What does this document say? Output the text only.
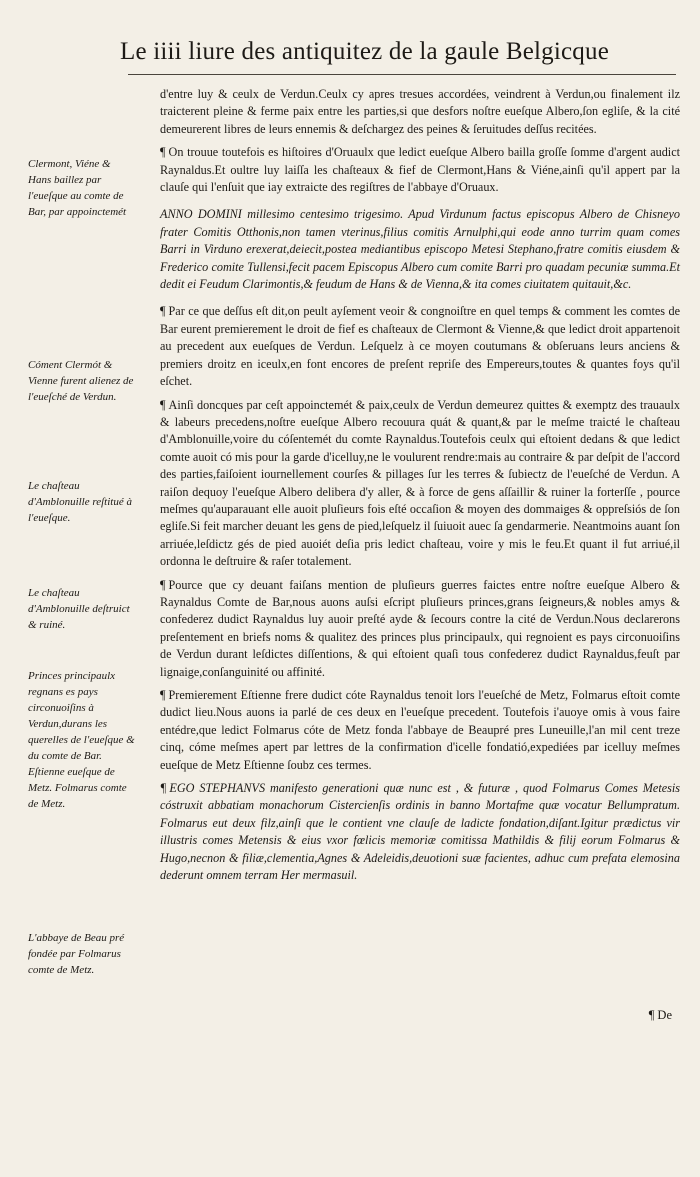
Le iiii liure des antiquitez de la gaule Belgicque

d'entre luy & ceulx de Verdun.Ceulx cy apres tresues accordées, veindrent à Verdun,ou finalement ilz traicterent pleine & ferme paix entre les parties,si que desfors noſtre eueſque Albero,ſon egliſe, & la cité demeurerent libres de leurs ennemis & deſchargez des peines & ſeruitudes deſſus recitées.

¶ On trouue toutefois es hiſtoires d'Oruaulx que ledict eueſque Albero bailla groſſe ſomme d'argent audict Raynaldus.Et oultre luy laiſſa les chaſteaux & fief de Clermont,Hans & Viéne,ainſi qu'il appert par la clauſe qui l'enſuit que iay extraicte des regiſtres de l'abbaye d'Oruaux.

ANNO DOMINI millesimo centesimo trigesimo. Apud Virdunum factus episcopus Albero de Chisneyo frater Comitis Otthonis,non tamen vterinus,filius comitis Arnulphi,qui eode anno turrim quam comes Barri in Virduno erexerat,deiecit,postea mediantibus episcopo Metesi Stephano,fratre comitis eiusdem & Frederico comite Tullensi,fecit pacem Episcopus Albero cum comite Barri pro quadam pecuniæ summa.Et dedit ei Feudum Clarimontis,& feudum de Hans & de Vienna,& ita comes ciuitatem quitauit,&c.

¶ Par ce que deſſus eſt dit,on peult ayſement veoir & congnoiſtre en quel temps & comment les comtes de Bar eurent premierement le droit de fief es chaſteaux de Clermont & Vienne,& que ledict droit appartenoit au precedent aux eueſques de Verdun. Leſquelz à ce moyen coutumans & obſeruans leurs anciens & premiers droitz en iceulx,en font encores de preſent repriſe des Empereurs,toutes & quantes foys qu'il eſchet.

¶ Ainſi doncques par ceſt appoinctemét & paix,ceulx de Verdun demeurez quittes & exemptz des trauaulx & labeurs precedens,noſtre eueſque Albero recouura quát & quant,& par le meſme traicté le chaſteau d'Amblonuille,voire du cóſentemét du comte Raynaldus.Toutefois ceulx qui eſtoient dedans & que ledict comte auoit có mis pour la garde d'icelluy,ne le voulurent rendre:mais au contraire & par deſpit de l'accord des parties,faiſoient iournellement courſes & pillages ſur les terres & ſubiectz de l'eueſché de Verdun. A raiſon dequoy l'eueſque Albero delibera d'y aller, & à force de gens aſſaillir & ruiner la forterſſe , pource meſmes qu'auparauant elle auoit pluſieurs fois eſté occaſion & moyen des dommaiges & oppreſsiós de ſon egliſe.Si feit marcher deuant les gens de pied,leſquelz il ſuiuoit auec ſa gendarmerie. Neantmoins auant ſon arriuée,leſdictz gés de pied auoiét deſia pris ledict chaſteau, voire y mis le feu.Et quant il fut arriué,il ordonna le deſtruire & raſer totalement.

¶ Pource que cy deuant faiſans mention de pluſieurs guerres faictes entre noſtre eueſque Albero & Raynaldus Comte de Bar,nous auons auſsi eſcript pluſieurs princes,grans ſeigneurs,& nobles amys & confederez dudict Raynaldus luy auoir preſté ayde & ſecours contre la cité de Verdun.Nous declarerons preſentement en briefs noms & qualitez des princes plus principaulx, qui regnoient es pays circonuoiſins de Verdun durant leſdictes diſſentions, & qui eſtoient quaſi tous confederez dudict Raynaldus,feuſt par lignaige,conſanguinité ou affinité.

¶ Premierement Eſtienne frere dudict cóte Raynaldus tenoit lors l'eueſché de Metz, Folmarus eſtoit comte dudict lieu.Nous auons ia parlé de ces deux en l'eueſque precedent. Toutefois i'auoye omis à vous faire entédre,que ledict Folmarus cóte de Metz fonda l'abbaye de Beaupré pres Luneuille,l'an mil cent treze cinq, cóme meſmes apert par lettres de la confirmation d'icelle fondatió,expediées par icelluy meſmes eueſque de Metz Eſtienne ſoubz ces termes.

¶ EGO STEPHANVS manifesto generationi quæ nunc est , & futuræ , quod Folmarus Comes Metesis cóstruxit abbatiam monachorum Cistercienſis ordinis in banno Mortafme quæ vocatur Bellumpratum. Folmarus eut deux filz,ainſi que le contient vne clauſe de ladicte fondation,diſant.Igitur prædictus vir illustris comes Metensis & eius vxor fœlicis memoriæ comitissa Mathildis & filij eorum Folmarus & Hugo,necnon & filiæ,clementia,Agnes & Adeleidis,deuotioni suæ facientes, adhuc cum prefata elemosina dederunt omnem terram Her mermasuil.

Clermont, Viéne & Hans baillez par l'eueſque au comte de Bar, par appoinctemét
Cóment Clermót & Vienne furent alienez de l'eueſché de Verdun.
Le chaſteau d'Amblonuille reſtitué à l'eueſque.
Le chaſteau d'Amblonuille deſtruict & ruiné.
Princes principaulx regnans es pays circonuoiſins à Verdun,durans les querelles de l'eueſque & du comte de Bar. Eſtienne eueſque de Metz. Folmarus comte de Metz.
L'abbaye de Beau pré fondée par Folmarus comte de Metz.
¶ De
